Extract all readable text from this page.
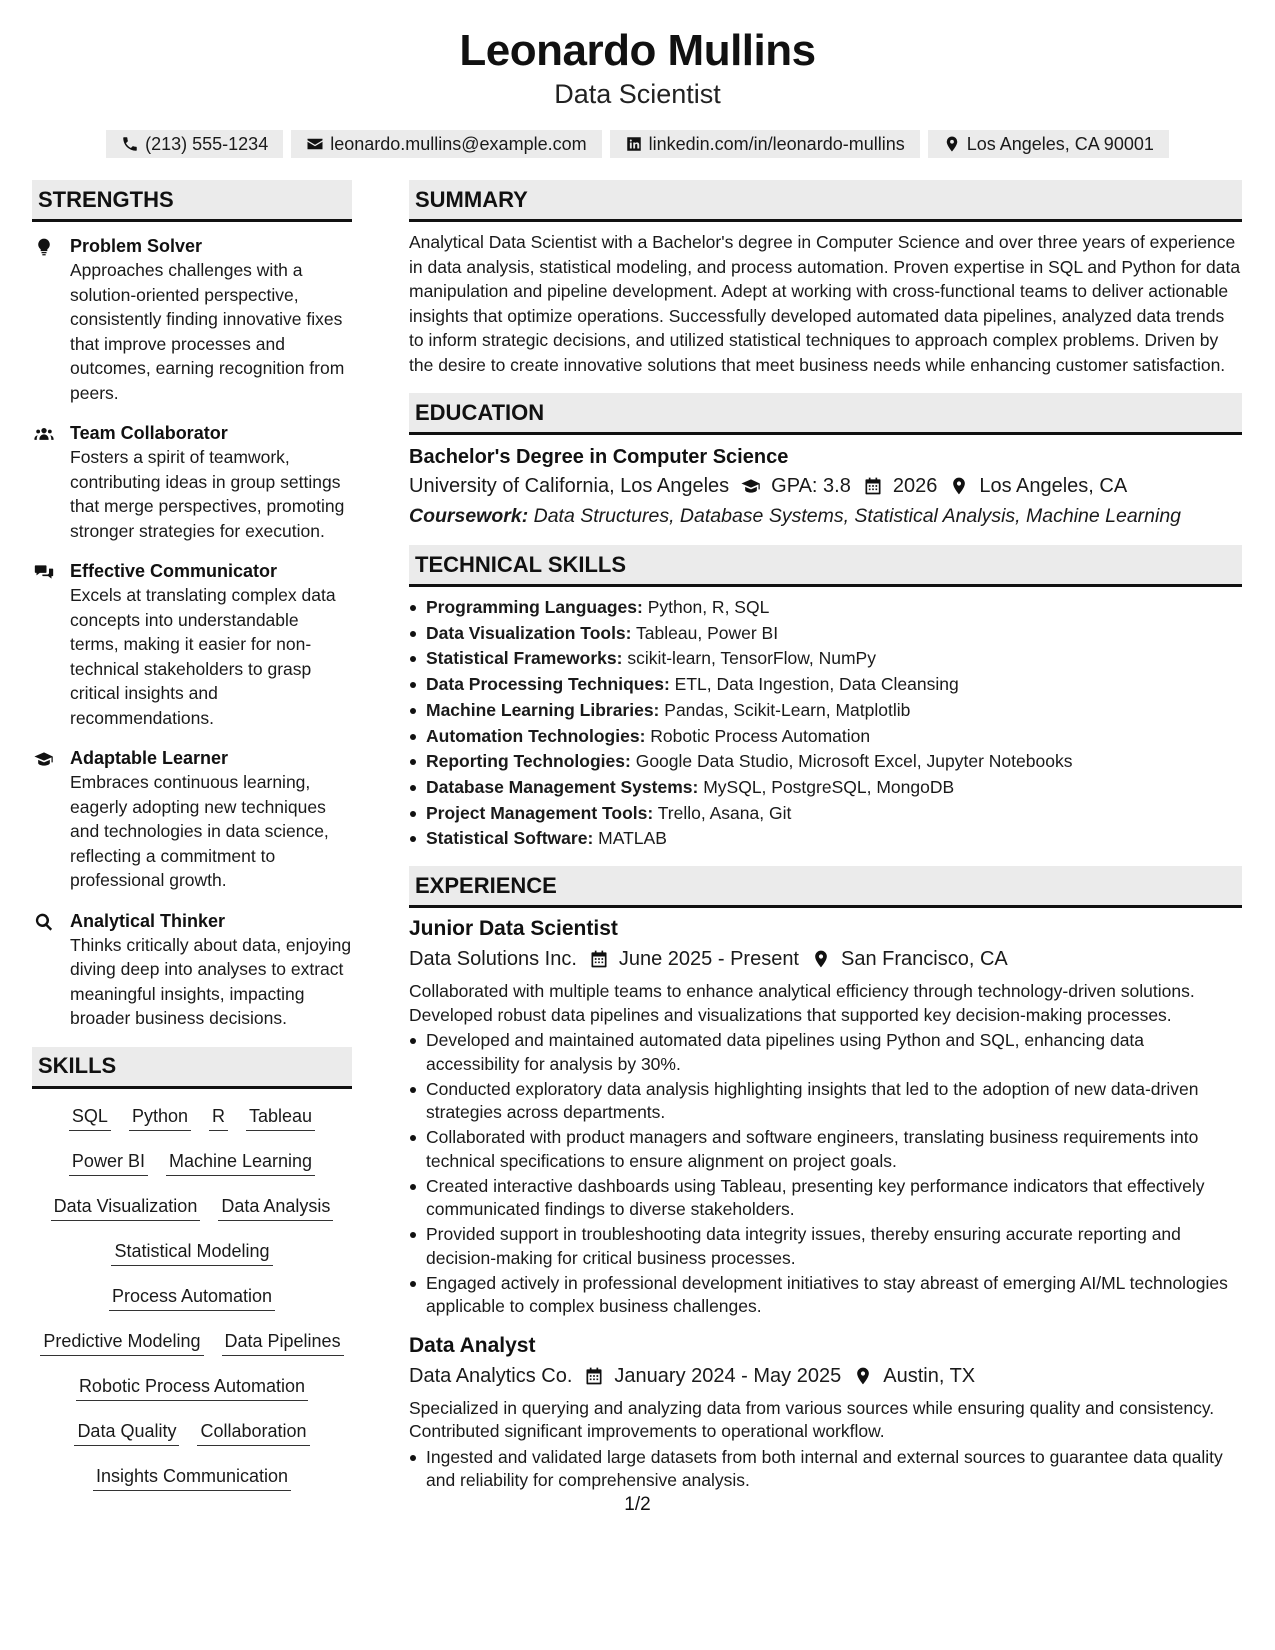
Leonardo Mullins
Data Scientist
(213) 555-1234	leonardo.mullins@example.com	linkedin.com/in/leonardo-mullins	Los Angeles, CA 90001
STRENGTHS
Problem Solver
Approaches challenges with a solution-oriented perspective, consistently finding innovative fixes that improve processes and outcomes, earning recognition from peers.
Team Collaborator
Fosters a spirit of teamwork, contributing ideas in group settings that merge perspectives, promoting stronger strategies for execution.
Effective Communicator
Excels at translating complex data concepts into understandable terms, making it easier for non-technical stakeholders to grasp critical insights and recommendations.
Adaptable Learner
Embraces continuous learning, eagerly adopting new techniques and technologies in data science, reflecting a commitment to professional growth.
Analytical Thinker
Thinks critically about data, enjoying diving deep into analyses to extract meaningful insights, impacting broader business decisions.
SKILLS
SQL Python R Tableau
Power BI Machine Learning
Data Visualization Data Analysis
Statistical Modeling
Process Automation
Predictive Modeling Data Pipelines
Robotic Process Automation
Data Quality Collaboration
Insights Communication
SUMMARY
Analytical Data Scientist with a Bachelor's degree in Computer Science and over three years of experience in data analysis, statistical modeling, and process automation. Proven expertise in SQL and Python for data manipulation and pipeline development. Adept at working with cross-functional teams to deliver actionable insights that optimize operations. Successfully developed automated data pipelines, analyzed data trends to inform strategic decisions, and utilized statistical techniques to approach complex problems. Driven by the desire to create innovative solutions that meet business needs while enhancing customer satisfaction.
EDUCATION
Bachelor's Degree in Computer Science
University of California, Los Angeles GPA: 3.8 2026 Los Angeles, CA
Coursework: Data Structures, Database Systems, Statistical Analysis, Machine Learning
TECHNICAL SKILLS
Programming Languages: Python, R, SQL
Data Visualization Tools: Tableau, Power BI
Statistical Frameworks: scikit-learn, TensorFlow, NumPy
Data Processing Techniques: ETL, Data Ingestion, Data Cleansing
Machine Learning Libraries: Pandas, Scikit-Learn, Matplotlib
Automation Technologies: Robotic Process Automation
Reporting Technologies: Google Data Studio, Microsoft Excel, Jupyter Notebooks
Database Management Systems: MySQL, PostgreSQL, MongoDB
Project Management Tools: Trello, Asana, Git
Statistical Software: MATLAB
EXPERIENCE
Junior Data Scientist
Data Solutions Inc. June 2025 - Present San Francisco, CA
Collaborated with multiple teams to enhance analytical efficiency through technology-driven solutions. Developed robust data pipelines and visualizations that supported key decision-making processes.
Developed and maintained automated data pipelines using Python and SQL, enhancing data accessibility for analysis by 30%.
Conducted exploratory data analysis highlighting insights that led to the adoption of new data-driven strategies across departments.
Collaborated with product managers and software engineers, translating business requirements into technical specifications to ensure alignment on project goals.
Created interactive dashboards using Tableau, presenting key performance indicators that effectively communicated findings to diverse stakeholders.
Provided support in troubleshooting data integrity issues, thereby ensuring accurate reporting and decision-making for critical business processes.
Engaged actively in professional development initiatives to stay abreast of emerging AI/ML technologies applicable to complex business challenges.
Data Analyst
Data Analytics Co. January 2024 - May 2025 Austin, TX
Specialized in querying and analyzing data from various sources while ensuring quality and consistency. Contributed significant improvements to operational workflow.
Ingested and validated large datasets from both internal and external sources to guarantee data quality and reliability for comprehensive analysis.
1/2
